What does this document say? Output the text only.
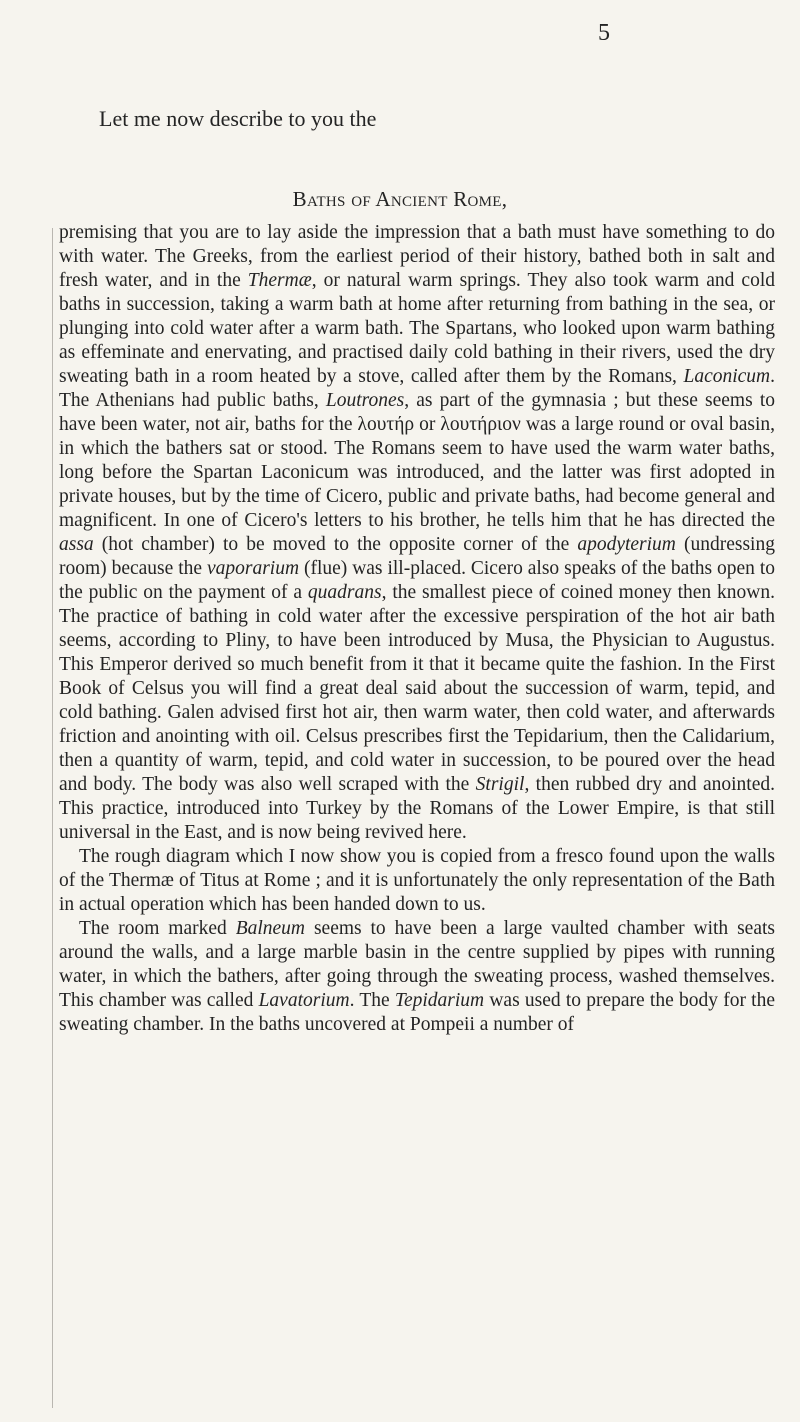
5
Let me now describe to you the
Baths of Ancient Rome,

premising that you are to lay aside the impression that a bath must have something to do with water. The Greeks, from the earliest period of their history, bathed both in salt and fresh water, and in the Thermæ, or natural warm springs. They also took warm and cold baths in succession, taking a warm bath at home after returning from bathing in the sea, or plunging into cold water after a warm bath. The Spartans, who looked upon warm bathing as effeminate and enervating, and practised daily cold bathing in their rivers, used the dry sweating bath in a room heated by a stove, called after them by the Romans, Laconicum. The Athenians had public baths, Loutrones, as part of the gymnasia ; but these seems to have been water, not air, baths for the λουτήρ or λουτήριον was a large round or oval basin, in which the bathers sat or stood. The Romans seem to have used the warm water baths, long before the Spartan Laconicum was introduced, and the latter was first adopted in private houses, but by the time of Cicero, public and private baths, had become general and magnificent. In one of Cicero's letters to his brother, he tells him that he has directed the assa (hot chamber) to be moved to the opposite corner of the apodyterium (undressing room) because the vaporarium (flue) was ill-placed. Cicero also speaks of the baths open to the public on the payment of a quadrans, the smallest piece of coined money then known. The practice of bathing in cold water after the excessive perspiration of the hot air bath seems, according to Pliny, to have been introduced by Musa, the Physician to Augustus. This Emperor derived so much benefit from it that it became quite the fashion. In the First Book of Celsus you will find a great deal said about the succession of warm, tepid, and cold bathing. Galen advised first hot air, then warm water, then cold water, and afterwards friction and anointing with oil. Celsus prescribes first the Tepidarium, then the Calidarium, then a quantity of warm, tepid, and cold water in succession, to be poured over the head and body. The body was also well scraped with the Strigil, then rubbed dry and anointed. This practice, introduced into Turkey by the Romans of the Lower Empire, is that still universal in the East, and is now being revived here.

The rough diagram which I now show you is copied from a fresco found upon the walls of the Thermæ of Titus at Rome ; and it is unfortunately the only representation of the Bath in actual operation which has been handed down to us.

The room marked Balneum seems to have been a large vaulted chamber with seats around the walls, and a large marble basin in the centre supplied by pipes with running water, in which the bathers, after going through the sweating process, washed themselves. This chamber was called Lavatorium. The Tepidarium was used to prepare the body for the sweating chamber. In the baths uncovered at Pompeii a number of
